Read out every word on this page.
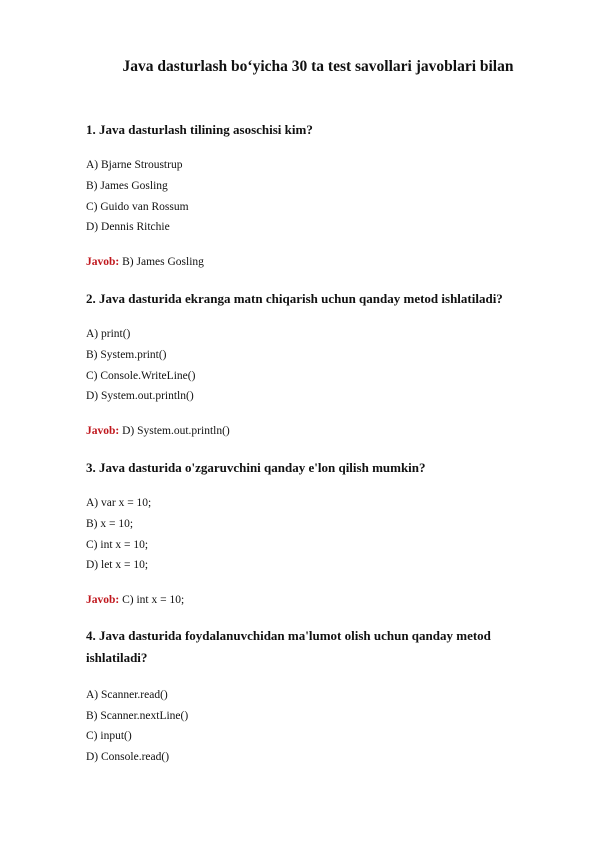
Java dasturlash bo‘yicha 30 ta test savollari javoblari bilan
1. Java dasturlash tilining asoschisi kim?
A) Bjarne Stroustrup
B) James Gosling
C) Guido van Rossum
D) Dennis Ritchie
Javob: B) James Gosling
2. Java dasturida ekranga matn chiqarish uchun qanday metod ishlatiladi?
A) print()
B) System.print()
C) Console.WriteLine()
D) System.out.println()
Javob: D) System.out.println()
3. Java dasturida o'zgaruvchini qanday e'lon qilish mumkin?
A) var x = 10;
B) x = 10;
C) int x = 10;
D) let x = 10;
Javob: C) int x = 10;
4. Java dasturida foydalanuvchidan ma'lumot olish uchun qanday metod ishlatiladi?
A) Scanner.read()
B) Scanner.nextLine()
C) input()
D) Console.read()
